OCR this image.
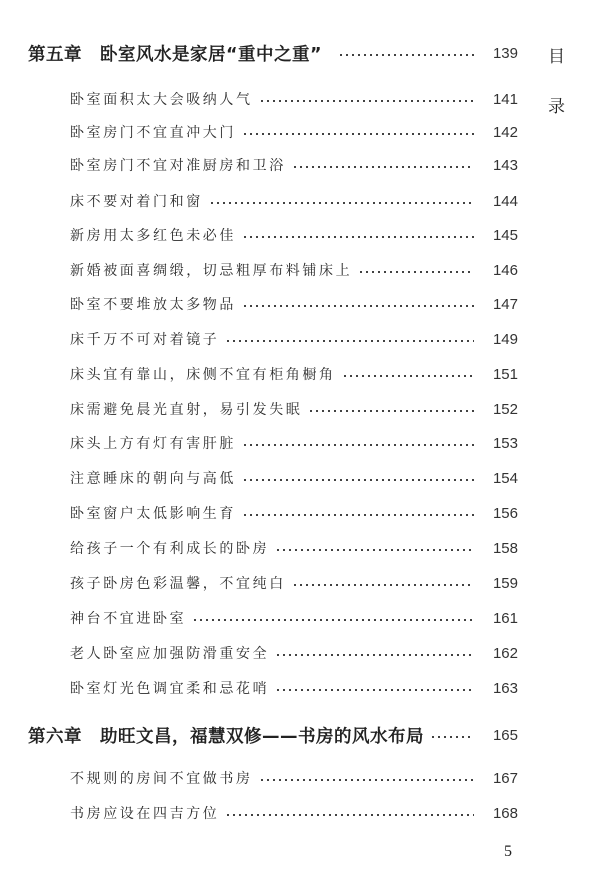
第五章　卧室风水是家居“重中之重”	139
卧室面积太大会吸纳人气	141
卧室房门不宜直冲大门	142
卧室房门不宜对准厨房和卫浴	143
床不要对着门和窗	144
新房用太多红色未必佳	145
新婚被面喜绸缎，切忌粗厚布料铺床上	146
卧室不要堆放太多物品	147
床千万不可对着镜子	149
床头宜有靠山，床侧不宜有柜角橱角	151
床需避免晨光直射，易引发失眠	152
床头上方有灯有害肝脏	153
注意睡床的朝向与高低	154
卧室窗户太低影响生育	156
给孩子一个有利成长的卧房	158
孩子卧房色彩温馨，不宜纯白	159
神台不宜进卧室	161
老人卧室应加强防滑重安全	162
卧室灯光色调宜柔和忌花哨	163
第六章　助旺文昌，福慧双修——书房的风水布局	165
不规则的房间不宜做书房	167
书房应设在四吉方位	168
目
录
5
